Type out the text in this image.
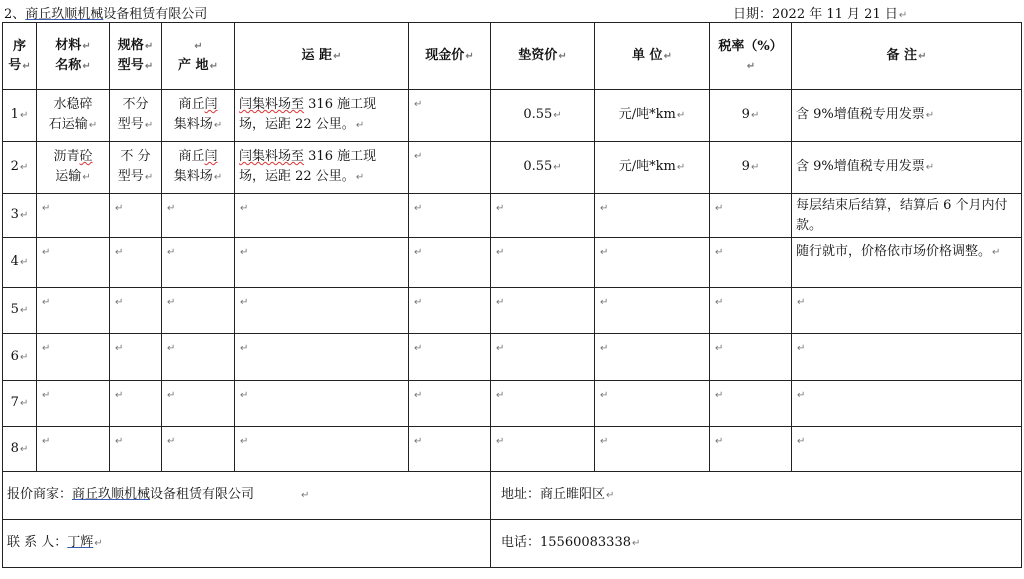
2、商丘玖顺机械设备租赁有限公司	日期：2022 年 11 月 21 日↵
序
号↵	材料↵
名称↵	规格↵
型号↵	↵
产 地↵	运 距↵	现金价↵	垫资价↵	单 位↵	税率（%）↵	备 注↵
1↵	水稳碎
石运输↵	不分
型号↵	商丘闫
集料场↵	闫集料场至 316 施工现
场，运距 22 公里。↵	↵	0.55↵	元/吨*km↵	9↵	含 9%增值税专用发票↵
2↵	沥青砼
运输↵	不 分
型号↵	商丘闫
集料场↵	闫集料场至 316 施工现
场，运距 22 公里。↵	↵	0.55↵	元/吨*km↵	9↵	含 9%增值税专用发票↵
3↵	↵	↵	↵	↵	↵	↵	↵	↵	每层结束后结算，结算后 6 个月内付款。
4↵	↵	↵	↵	↵	↵	↵	↵	↵	随行就市，价格依市场价格调整。↵
5↵	↵	↵	↵	↵	↵	↵	↵	↵	↵
6↵	↵	↵	↵	↵	↵	↵	↵	↵	↵
7↵	↵	↵	↵	↵	↵	↵	↵	↵	↵
8↵	↵	↵	↵	↵	↵	↵	↵	↵	↵
报价商家：商丘玖顺机械设备租赁有限公司 ↵						地址：商丘睢阳区↵			
联 系 人：丁辉↵						电话：15560083338↵			
